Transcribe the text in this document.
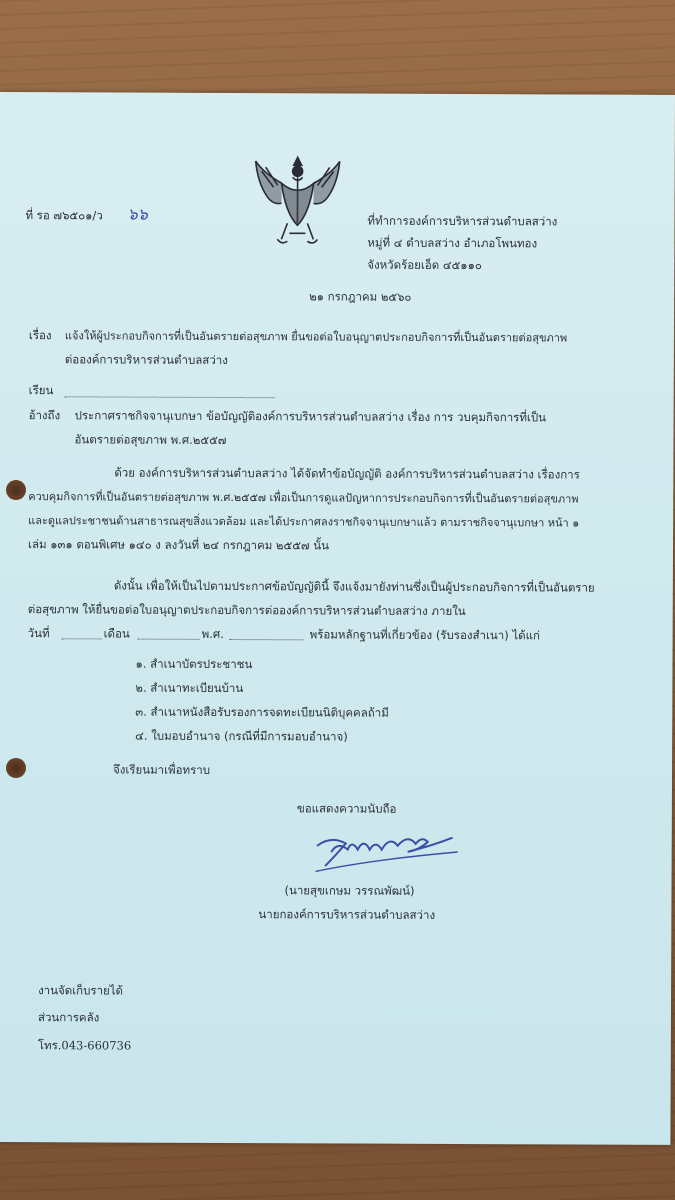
ที่ รอ ๗๖๕๐๑/ว ๖๖	ที่ทำการองค์การบริหารส่วนตำบลสว่าง
หมู่ที่ ๔ ตำบลสว่าง อำเภอโพนทอง
จังหวัดร้อยเอ็ด ๔๕๑๑๐
๒๑ กรกฎาคม ๒๕๖๐
เรื่อง แจ้งให้ผู้ประกอบกิจการที่เป็นอันตรายต่อสุขภาพ ยื่นขอต่อใบอนุญาตประกอบกิจการที่เป็นอันตรายต่อสุขภาพ
ต่อองค์การบริหารส่วนตำบลสว่าง
เรียน
อ้างถึง ประกาศราชกิจจานุเบกษา ข้อบัญญัติองค์การบริหารส่วนตำบลสว่าง เรื่อง การ วบคุมกิจการที่เป็น
อันตรายต่อสุขภาพ พ.ศ.๒๕๕๗
ด้วย องค์การบริหารส่วนตำบลสว่าง ได้จัดทำข้อบัญญัติ องค์การบริหารส่วนตำบลสว่าง เรื่องการ
ควบคุมกิจการที่เป็นอันตรายต่อสุขภาพ พ.ศ.๒๕๕๗ เพื่อเป็นการดูแลปัญหาการประกอบกิจการที่เป็นอันตรายต่อสุขภาพ
และดูแลประชาชนด้านสาธารณสุขสิ่งแวดล้อม และได้ประกาศลงราชกิจจานุเบกษาแล้ว ตามราชกิจจานุเบกษา หน้า ๑
เล่ม ๑๓๑ ตอนพิเศษ ๑๔๐ ง ลงวันที่ ๒๔ กรกฎาคม ๒๕๕๗ นั้น
ดังนั้น เพื่อให้เป็นไปตามประกาศข้อบัญญัตินี้ จึงแจ้งมายังท่านซึ่งเป็นผู้ประกอบกิจการที่เป็นอันตราย
ต่อสุขภาพ ให้ยื่นขอต่อใบอนุญาตประกอบกิจการต่อองค์การบริหารส่วนตำบลสว่าง ภายใน
วันที่	เดือน	พ.ศ.	พร้อมหลักฐานที่เกี่ยวข้อง (รับรองสำเนา) ได้แก่
๑. สำเนาบัตรประชาชน
๒. สำเนาทะเบียนบ้าน
๓. สำเนาหนังสือรับรองการจดทะเบียนนิติบุคคลถ้ามี
๔. ใบมอบอำนาจ (กรณีที่มีการมอบอำนาจ)
จึงเรียนมาเพื่อทราบ
ขอแสดงความนับถือ
(นายสุขเกษม วรรณพัฒน์)
นายกองค์การบริหารส่วนตำบลสว่าง
งานจัดเก็บรายได้
ส่วนการคลัง
โทร.043-660736
